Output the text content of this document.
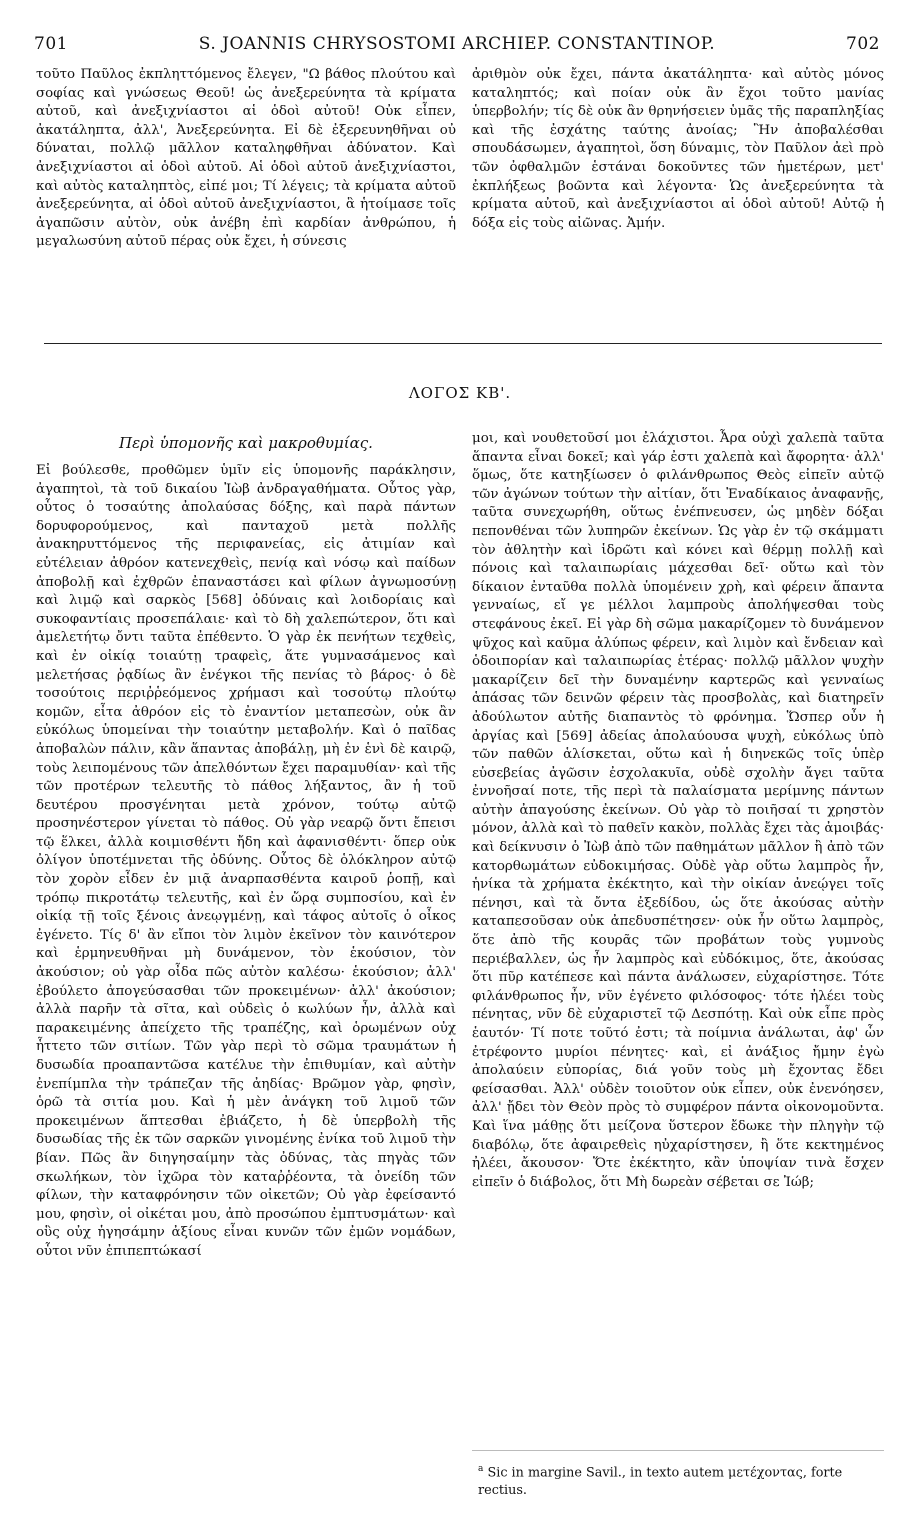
701	S. JOANNIS CHRYSOSTOMI ARCHIEP. CONSTANTINOP.	702

τοῦτο Παῦλος ἐκπληττόμενος ἔλεγεν, "Ω βάθος πλούτου καὶ σοφίας καὶ γνώσεως Θεοῦ! ὡς ἀνεξερεύνητα τὰ κρίματα αὐτοῦ, καὶ ἀνεξιχνίαστοι αἱ ὁδοὶ αὐτοῦ! Οὐκ εἶπεν, ἀκατάληπτα, ἀλλ', Ἀνεξερεύνητα. Εἰ δὲ ἐξερευνηθῆναι οὐ δύναται, πολλῷ μᾶλλον καταληφθῆναι ἀδύνατον. Καὶ ἀνεξιχνίαστοι αἱ ὁδοὶ αὐτοῦ. Αἱ ὁδοὶ αὐτοῦ ἀνεξιχνίαστοι, καὶ αὐτὸς καταληπτὸς, εἰπέ μοι; Τί λέγεις; τὰ κρίματα αὐτοῦ ἀνεξερεύνητα, αἱ ὁδοὶ αὐτοῦ ἀνεξιχνίαστοι, ἃ ἡτοίμασε τοῖς ἀγαπῶσιν αὐτὸν, οὐκ ἀνέβη ἐπὶ καρδίαν ἀνθρώπου, ἡ μεγαλωσύνη αὐτοῦ πέρας οὐκ ἔχει, ἡ σύνεσις

ἀριθμὸν οὐκ ἔχει, πάντα ἀκατάληπτα· καὶ αὐτὸς μόνος καταληπτός; καὶ ποίαν οὐκ ἂν ἔχοι τοῦτο μανίας ὑπερβολήν; τίς δὲ οὐκ ἂν θρηνήσειεν ὑμᾶς τῆς παραπληξίας καὶ τῆς ἐσχάτης ταύτης ἀνοίας; Ἣν ἀποβαλέσθαι σπουδάσωμεν, ἀγαπητοὶ, ὅση δύναμις, τὸν Παῦλον ἀεὶ πρὸ τῶν ὀφθαλμῶν ἑστάναι δοκοῦντες τῶν ἡμετέρων, μετ' ἐκπλήξεως βοῶντα καὶ λέγοντα· Ὡς ἀνεξερεύνητα τὰ κρίματα αὐτοῦ, καὶ ἀνεξιχνίαστοι αἱ ὁδοὶ αὐτοῦ! Αὐτῷ ἡ δόξα εἰς τοὺς αἰῶνας. Ἀμήν.

ΛΟΓΟΣ ΚΒ'.
Περὶ ὑπομονῆς καὶ μακροθυμίας.

Εἰ βούλεσθε, προθῶμεν ὑμῖν εἰς ὑπομονῆς παράκλησιν, ἀγαπητοὶ, τὰ τοῦ δικαίου Ἰὼβ ἀνδραγαθήματα. Οὗτος γὰρ, οὗτος ὁ τοσαύτης ἀπολαύσας δόξης, καὶ παρὰ πάντων δορυφορούμενος, καὶ πανταχοῦ μετὰ πολλῆς ἀνακηρυττόμενος τῆς περιφανείας, εἰς ἀτιμίαν καὶ εὐτέλειαν ἀθρόον κατενεχθεὶς, πενίᾳ καὶ νόσῳ καὶ παίδων ἀποβολῇ καὶ ἐχθρῶν ἐπαναστάσει καὶ φίλων ἀγνωμοσύνῃ καὶ λιμῷ καὶ σαρκὸς [568] ὀδύναις καὶ λοιδορίαις καὶ συκοφαντίαις προσεπάλαιε· καὶ τὸ δὴ χαλεπώτερον, ὅτι καὶ ἀμελετήτῳ ὄντι ταῦτα ἐπέθεντο. Ὁ γὰρ ἐκ πενήτων τεχθεὶς, καὶ ἐν οἰκίᾳ τοιαύτῃ τραφεὶς, ἅτε γυμνασάμενος καὶ μελετήσας ῥᾳδίως ἂν ἐνέγκοι τῆς πενίας τὸ βάρος· ὁ δὲ τοσούτοις περιῤῥεόμενος χρήμασι καὶ τοσούτῳ πλούτῳ κομῶν, εἶτα ἀθρόον εἰς τὸ ἐναντίον μεταπεσὼν, οὐκ ἂν εὐκόλως ὑπομείναι τὴν τοιαύτην μεταβολήν. Καὶ ὁ παῖδας ἀποβαλὼν πάλιν, κἂν ἅπαντας ἀποβάλῃ, μὴ ἐν ἑνὶ δὲ καιρῷ, τοὺς λειπομένους τῶν ἀπελθόντων ἔχει παραμυθίαν· καὶ τῆς τῶν προτέρων τελευτῆς τὸ πάθος λήξαντος, ἂν ἡ τοῦ δευτέρου προσγένηται μετὰ χρόνον, τούτῳ αὐτῷ προσηνέστερον γίνεται τὸ πάθος. Οὐ γὰρ νεαρῷ ὄντι ἔπεισι τῷ ἕλκει, ἀλλὰ κοιμισθέντι ἤδη καὶ ἀφανισθέντι· ὅπερ οὐκ ὀλίγον ὑποτέμνεται τῆς ὀδύνης. Οὗτος δὲ ὁλόκληρον αὐτῷ τὸν χορὸν εἶδεν ἐν μιᾷ ἀναρπασθέντα καιροῦ ῥοπῇ, καὶ τρόπῳ πικροτάτῳ τελευτῆς, καὶ ἐν ὥρᾳ συμποσίου, καὶ ἐν οἰκίᾳ τῇ τοῖς ξένοις ἀνεῳγμένῃ, καὶ τάφος αὐτοῖς ὁ οἶκος ἐγένετο. Τίς δ' ἂν εἴποι τὸν λιμὸν ἐκεῖνον τὸν καινότερον καὶ ἑρμηνευθῆναι μὴ δυνάμενον, τὸν ἑκούσιον, τὸν ἀκούσιον; οὐ γὰρ οἶδα πῶς αὐτὸν καλέσω· ἑκούσιον; ἀλλ' ἐβούλετο ἀπογεύσασθαι τῶν προκειμένων· ἀλλ' ἀκούσιον; ἀλλὰ παρῆν τὰ σῖτα, καὶ οὐδεὶς ὁ κωλύων ἦν, ἀλλὰ καὶ παρακειμένης ἀπείχετο τῆς τραπέζης, καὶ ὁρωμένων οὐχ ἧττετο τῶν σιτίων. Τῶν γὰρ περὶ τὸ σῶμα τραυμάτων ἡ δυσωδία προαπαντῶσα κατέλυε τὴν ἐπιθυμίαν, καὶ αὐτὴν ἐνεπίμπλα τὴν τράπεζαν τῆς ἀηδίας· Βρῶμον γὰρ, φησὶν, ὁρῶ τὰ σιτία μου. Καὶ ἡ μὲν ἀνάγκη τοῦ λιμοῦ τῶν προκειμένων ἅπτεσθαι ἐβιάζετο, ἡ δὲ ὑπερβολὴ τῆς δυσωδίας τῆς ἐκ τῶν σαρκῶν γινομένης ἐνίκα τοῦ λιμοῦ τὴν βίαν. Πῶς ἂν διηγησαίμην τὰς ὀδύνας, τὰς πηγὰς τῶν σκωλήκων, τὸν ἰχῶρα τὸν καταῤῥέοντα, τὰ ὀνείδη τῶν φίλων, τὴν καταφρόνησιν τῶν οἰκετῶν; Οὐ γὰρ ἐφείσαντό μου, φησὶν, οἱ οἰκέται μου, ἀπὸ προσώπου ἐμπτυσμάτων· καὶ οὓς οὐχ ἡγησάμην ἀξίους εἶναι κυνῶν τῶν ἐμῶν νομάδων, οὗτοι νῦν ἐπιπεπτώκασί

μοι, καὶ νουθετοῦσί μοι ἐλάχιστοι. Ἆρα οὐχὶ χαλεπὰ ταῦτα ἅπαντα εἶναι δοκεῖ; καὶ γάρ ἐστι χαλεπὰ καὶ ἄφορητα· ἀλλ' ὅμως, ὅτε κατηξίωσεν ὁ φιλάνθρωπος Θεὸς εἰπεῖν αὐτῷ τῶν ἀγώνων τούτων τὴν αἰτίαν, ὅτι Ἐναδίκαιος ἀναφανῇς, ταῦτα συνεχωρήθη, οὕτως ἐνέπνευσεν, ὡς μηδὲν δόξαι πεπονθέναι τῶν λυπηρῶν ἐκείνων. Ὡς γὰρ ἐν τῷ σκάμματι τὸν ἀθλητὴν καὶ ἱδρῶτι καὶ κόνει καὶ θέρμῃ πολλῇ καὶ πόνοις καὶ ταλαιπωρίαις μάχεσθαι δεῖ· οὕτω καὶ τὸν δίκαιον ἐνταῦθα πολλὰ ὑπομένειν χρὴ, καὶ φέρειν ἅπαντα γενναίως, εἴ γε μέλλοι λαμπροὺς ἀπολήψεσθαι τοὺς στεφάνους ἐκεῖ. Εἰ γὰρ δὴ σῶμα μακαρίζομεν τὸ δυνάμενον ψῦχος καὶ καῦμα ἀλύπως φέρειν, καὶ λιμὸν καὶ ἔνδειαν καὶ ὁδοιπορίαν καὶ ταλαιπωρίας ἑτέρας· πολλῷ μᾶλλον ψυχὴν μακαρίζειν δεῖ τὴν δυναμένην καρτερῶς καὶ γενναίως ἁπάσας τῶν δεινῶν φέρειν τὰς προσβολὰς, καὶ διατηρεῖν ἀδούλωτον αὐτῆς διαπαντὸς τὸ φρόνημα. Ὥσπερ οὖν ἡ ἀργίας καὶ [569] ἀδείας ἀπολαύουσα ψυχὴ, εὐκόλως ὑπὸ τῶν παθῶν ἁλίσκεται, οὕτω καὶ ἡ διηνεκῶς τοῖς ὑπὲρ εὐσεβείας ἀγῶσιν ἐσχολακυῖα, οὐδὲ σχολὴν ἄγει ταῦτα ἐννοῆσαί ποτε, τῆς περὶ τὰ παλαίσματα μερίμνης πάντων αὐτὴν ἀπαγούσης ἐκείνων. Οὐ γὰρ τὸ ποιῆσαί τι χρηστὸν μόνον, ἀλλὰ καὶ τὸ παθεῖν κακὸν, πολλὰς ἔχει τὰς ἀμοιβάς· καὶ δείκνυσιν ὁ Ἰὼβ ἀπὸ τῶν παθημάτων μᾶλλον ἢ ἀπὸ τῶν κατορθωμάτων εὐδοκιμήσας. Οὐδὲ γὰρ οὕτω λαμπρὸς ἦν, ἡνίκα τὰ χρήματα ἐκέκτητο, καὶ τὴν οἰκίαν ἀνεῴγει τοῖς πένησι, καὶ τὰ ὄντα ἐξεδίδου, ὡς ὅτε ἀκούσας αὐτὴν καταπεσοῦσαν οὐκ ἀπεδυσπέτησεν· οὐκ ἦν οὕτω λαμπρὸς, ὅτε ἀπὸ τῆς κουρᾶς τῶν προβάτων τοὺς γυμνοὺς περιέβαλλεν, ὡς ἦν λαμπρὸς καὶ εὐδόκιμος, ὅτε, ἀκούσας ὅτι πῦρ κατέπεσε καὶ πάντα ἀνάλωσεν, εὐχαρίστησε. Τότε φιλάνθρωπος ἦν, νῦν ἐγένετο φιλόσοφος· τότε ἠλέει τοὺς πένητας, νῦν δὲ εὐχαριστεῖ τῷ Δεσπότῃ. Καὶ οὐκ εἶπε πρὸς ἑαυτόν· Τί ποτε τοῦτό ἐστι; τὰ ποίμνια ἀνάλωται, ἀφ' ὧν ἐτρέφοντο μυρίοι πένητες· καὶ, εἰ ἀνάξιος ἤμην ἐγὼ ἀπολαύειν εὐπορίας, διά γοῦν τοὺς μὴ ἔχοντας ἔδει φείσασθαι. Ἀλλ' οὐδὲν τοιοῦτον οὐκ εἶπεν, οὐκ ἐνενόησεν, ἀλλ' ᾔδει τὸν Θεὸν πρὸς τὸ συμφέρον πάντα οἰκονομοῦντα. Καὶ ἵνα μάθῃς ὅτι μείζονα ὕστερον ἔδωκε τὴν πληγὴν τῷ διαβόλῳ, ὅτε ἀφαιρεθεὶς ηὐχαρίστησεν, ἢ ὅτε κεκτημένος ἠλέει, ἄκουσον· Ὅτε ἐκέκτητο, κἂν ὑποψίαν τινὰ ἔσχεν εἰπεῖν ὁ διάβολος, ὅτι Μὴ δωρεὰν σέβεται σε Ἰώβ;

$^a$ Sic in margine Savil., in texto autem μετέχοντας, forte rectius.
